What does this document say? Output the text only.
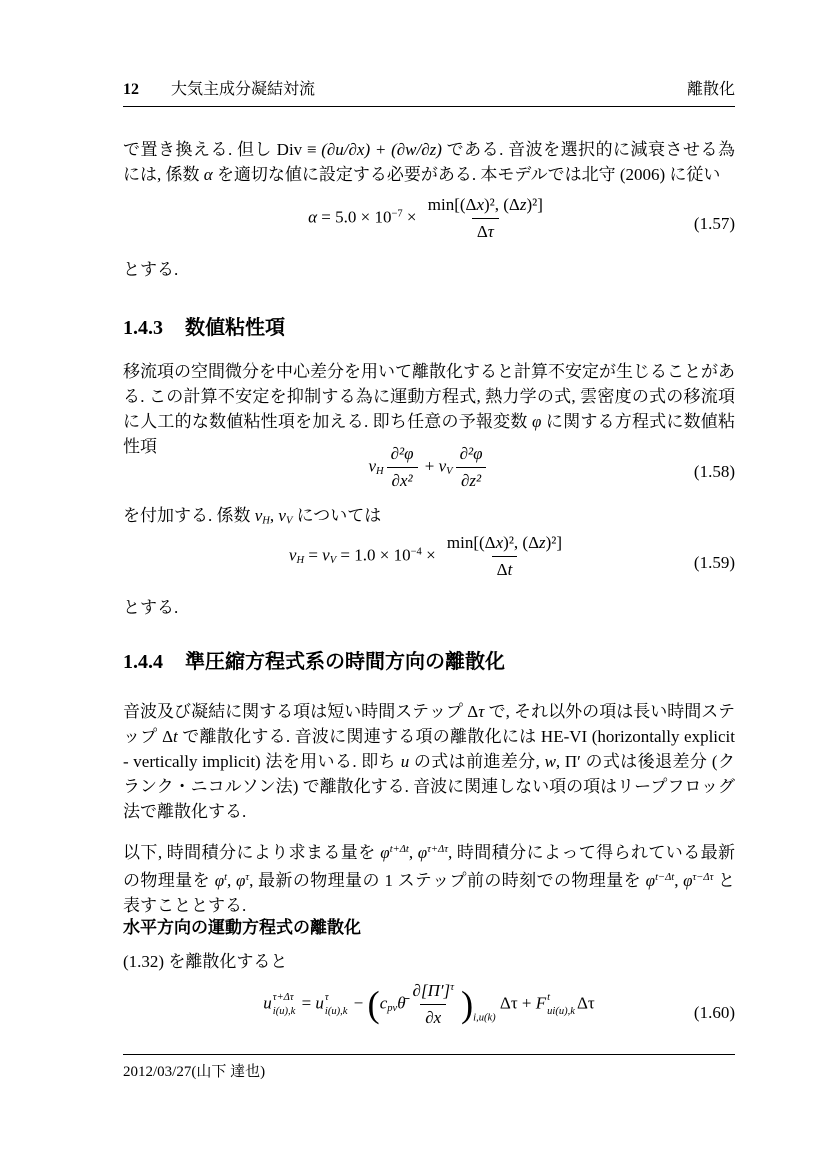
12 大気主成分凝結対流	離散化
で置き換える. 但し Div ≡ (∂u/∂x) + (∂w/∂z) である. 音波を選択的に減衰させる為には, 係数 α を適切な値に設定する必要がある. 本モデルでは北守 (2006) に従い
$\alpha = 5.0 \times 10^{-7} \times \frac{\text{min[(Δx)², (Δz)²]}}{\Delta\tau}$	(1.57)
とする.
1.4.3 数値粘性項
移流項の空間微分を中心差分を用いて離散化すると計算不安定が生じることがある. この計算不安定を抑制する為に運動方程式, 熱力学の式, 雲密度の式の移流項に人工的な数値粘性項を加える. 即ち任意の予報変数 φ に関する方程式に数値粘性項
$\nu_H \frac{\text{∂²φ}}{\text{∂x²}} + \nu_V \frac{\text{∂²φ}}{\text{∂z²}}$	(1.58)
を付加する. 係数 $\nu_H$, $\nu_V$ については
$\nu_H = \nu_V = 1.0 \times 10^{-4} \times \frac{\text{min[(Δx)², (Δz)²]}}{\Delta t}$	(1.59)
とする.
1.4.4 準圧縮方程式系の時間方向の離散化
音波及び凝結に関する項は短い時間ステップ Δτ で, それ以外の項は長い時間ステップ Δt で離散化する. 音波に関連する項の離散化には HE-VI (horizontally explicit - vertically implicit) 法を用いる. 即ち u の式は前進差分, w, Π′ の式は後退差分 (クランク・ニコルソン法) で離散化する. 音波に関連しない項の項はリープフロッグ法で離散化する.
以下, 時間積分により求まる量を $\varphi^{t+\Delta t}$, $\varphi^{\tau+\Delta\tau}$, 時間積分によって得られている最新の物理量を $\varphi^t$, $\varphi^\tau$, 最新の物理量の 1 ステップ前の時刻での物理量を $\varphi^{t-\Delta t}$, $\varphi^{\tau-\Delta\tau}$ と表すこととする.
水平方向の運動方程式の離散化
(1.32) を離散化すると
u τ+Δτ
i(u),k = u τ
$i(u),k - (c_{pv}\thetā \frac{\partial[\Pi']^\tau}{\partial x} )_{i,u(k)}$ Δτ + F t
ui(u),k Δτ	(1.60)
2012/03/27(山下 達也)
